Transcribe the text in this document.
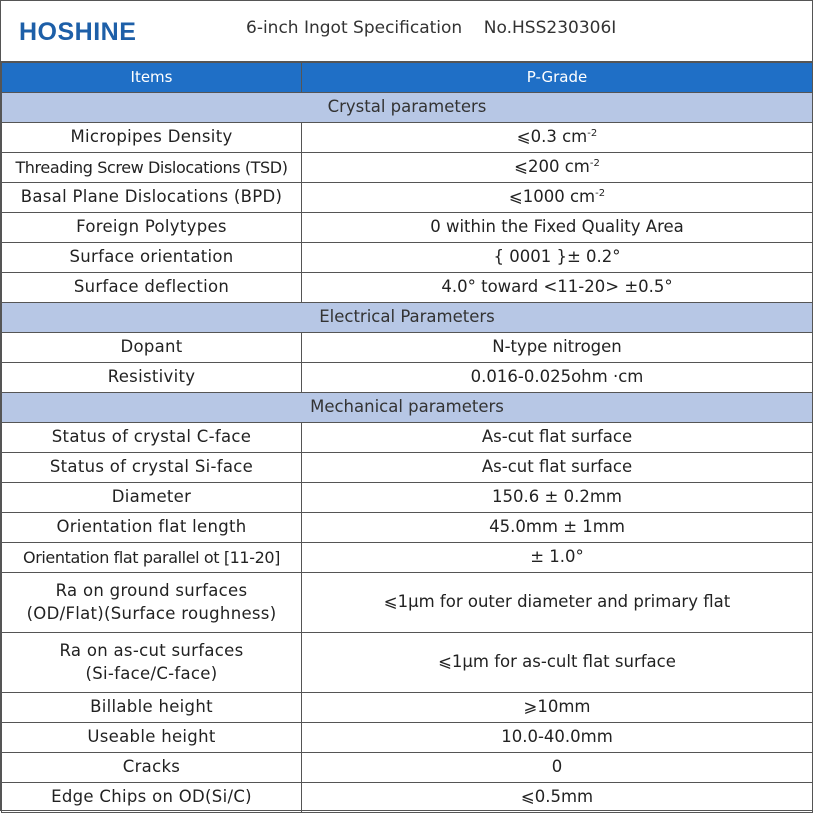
HOSHINE	6-inch Ingot Specification No.HSS230306I
Items	P-Grade
Crystal parameters	
Micropipes Density	⩽0.3 $cm^{-2}$
Threading Screw Dislocations (TSD)	⩽200 $cm^{-2}$
Basal Plane Dislocations (BPD)	⩽1000 $cm^{-2}$
Foreign Polytypes	0 within the Fixed Quality Area
Surface orientation	{ 0001 }± 0.2°
Surface deflection	4.0° toward <11-20> ±0.5°
Electrical Parameters	
Dopant	N-type nitrogen
Resistivity	0.016-0.025ohm ·cm
Mechanical parameters	
Status of crystal C-face	As-cut flat surface
Status of crystal Si-face	As-cut flat surface
Diameter	150.6 ± 0.2mm
Orientation flat length	45.0mm ± 1mm
Orientation flat parallel ot [11-20]	± 1.0°

Ra on ground surfaces
(OD/Flat)(Surface roughness)	⩽1μm for outer diameter and primary flat

Ra on as-cut surfaces
(Si-face/C-face)	⩽1μm for as-cult flat surface
Billable height	⩾10mm
Useable height	10.0-40.0mm
Cracks	0
Edge Chips on OD(Si/C)	⩽0.5mm
